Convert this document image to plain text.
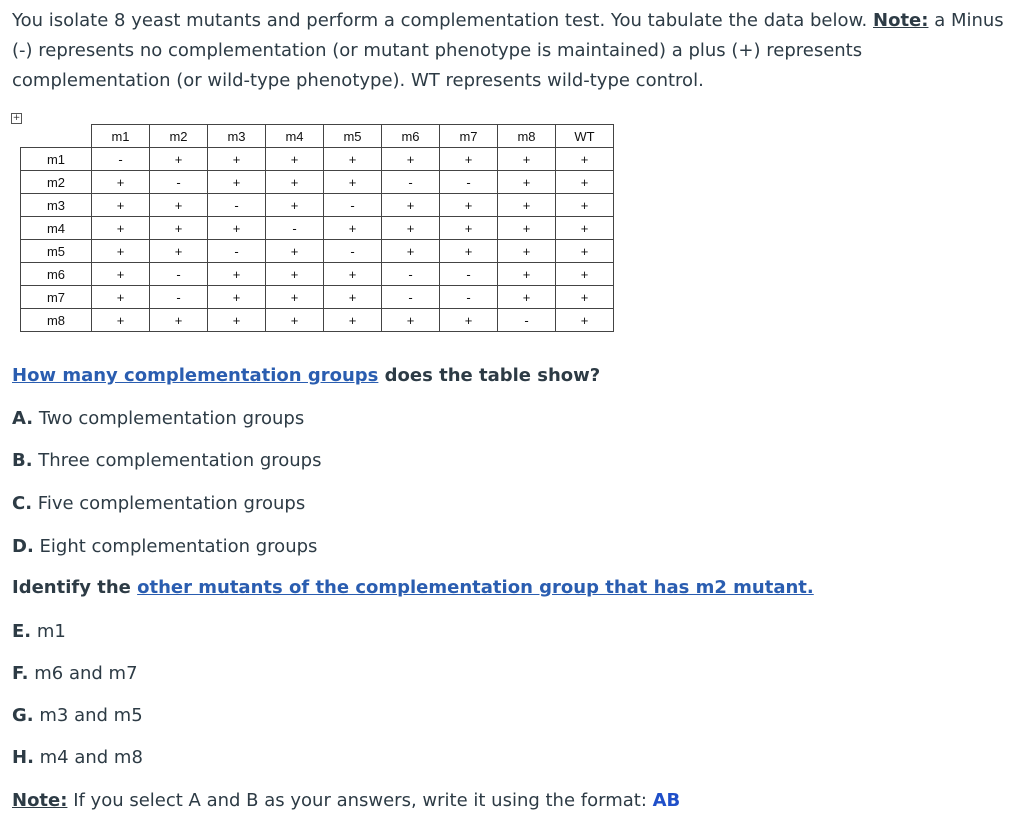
You isolate 8 yeast mutants and perform a complementation test. You tabulate the data below. Note: a Minus (-) represents no complementation (or mutant phenotype is maintained) a plus (+) represents complementation (or wild-type phenotype). WT represents wild-type control.

+
	m1	m2	m3	m4	m5	m6	m7	m8	WT
m1	-	+	+	+	+	+	+	+	+
m2	+	-	+	+	+	-	-	+	+
m3	+	+	-	+	-	+	+	+	+
m4	+	+	+	-	+	+	+	+	+
m5	+	+	-	+	-	+	+	+	+
m6	+	-	+	+	+	-	-	+	+
m7	+	-	+	+	+	-	-	+	+
m8	+	+	+	+	+	+	+	-	+

How many complementation groups does the table show?

A. Two complementation groups

B. Three complementation groups

C. Five complementation groups

D. Eight complementation groups

Identify the other mutants of the complementation group that has m2 mutant.

E. m1

F. m6 and m7

G. m3 and m5

H. m4 and m8

Note: If you select A and B as your answers, write it using the format: AB
